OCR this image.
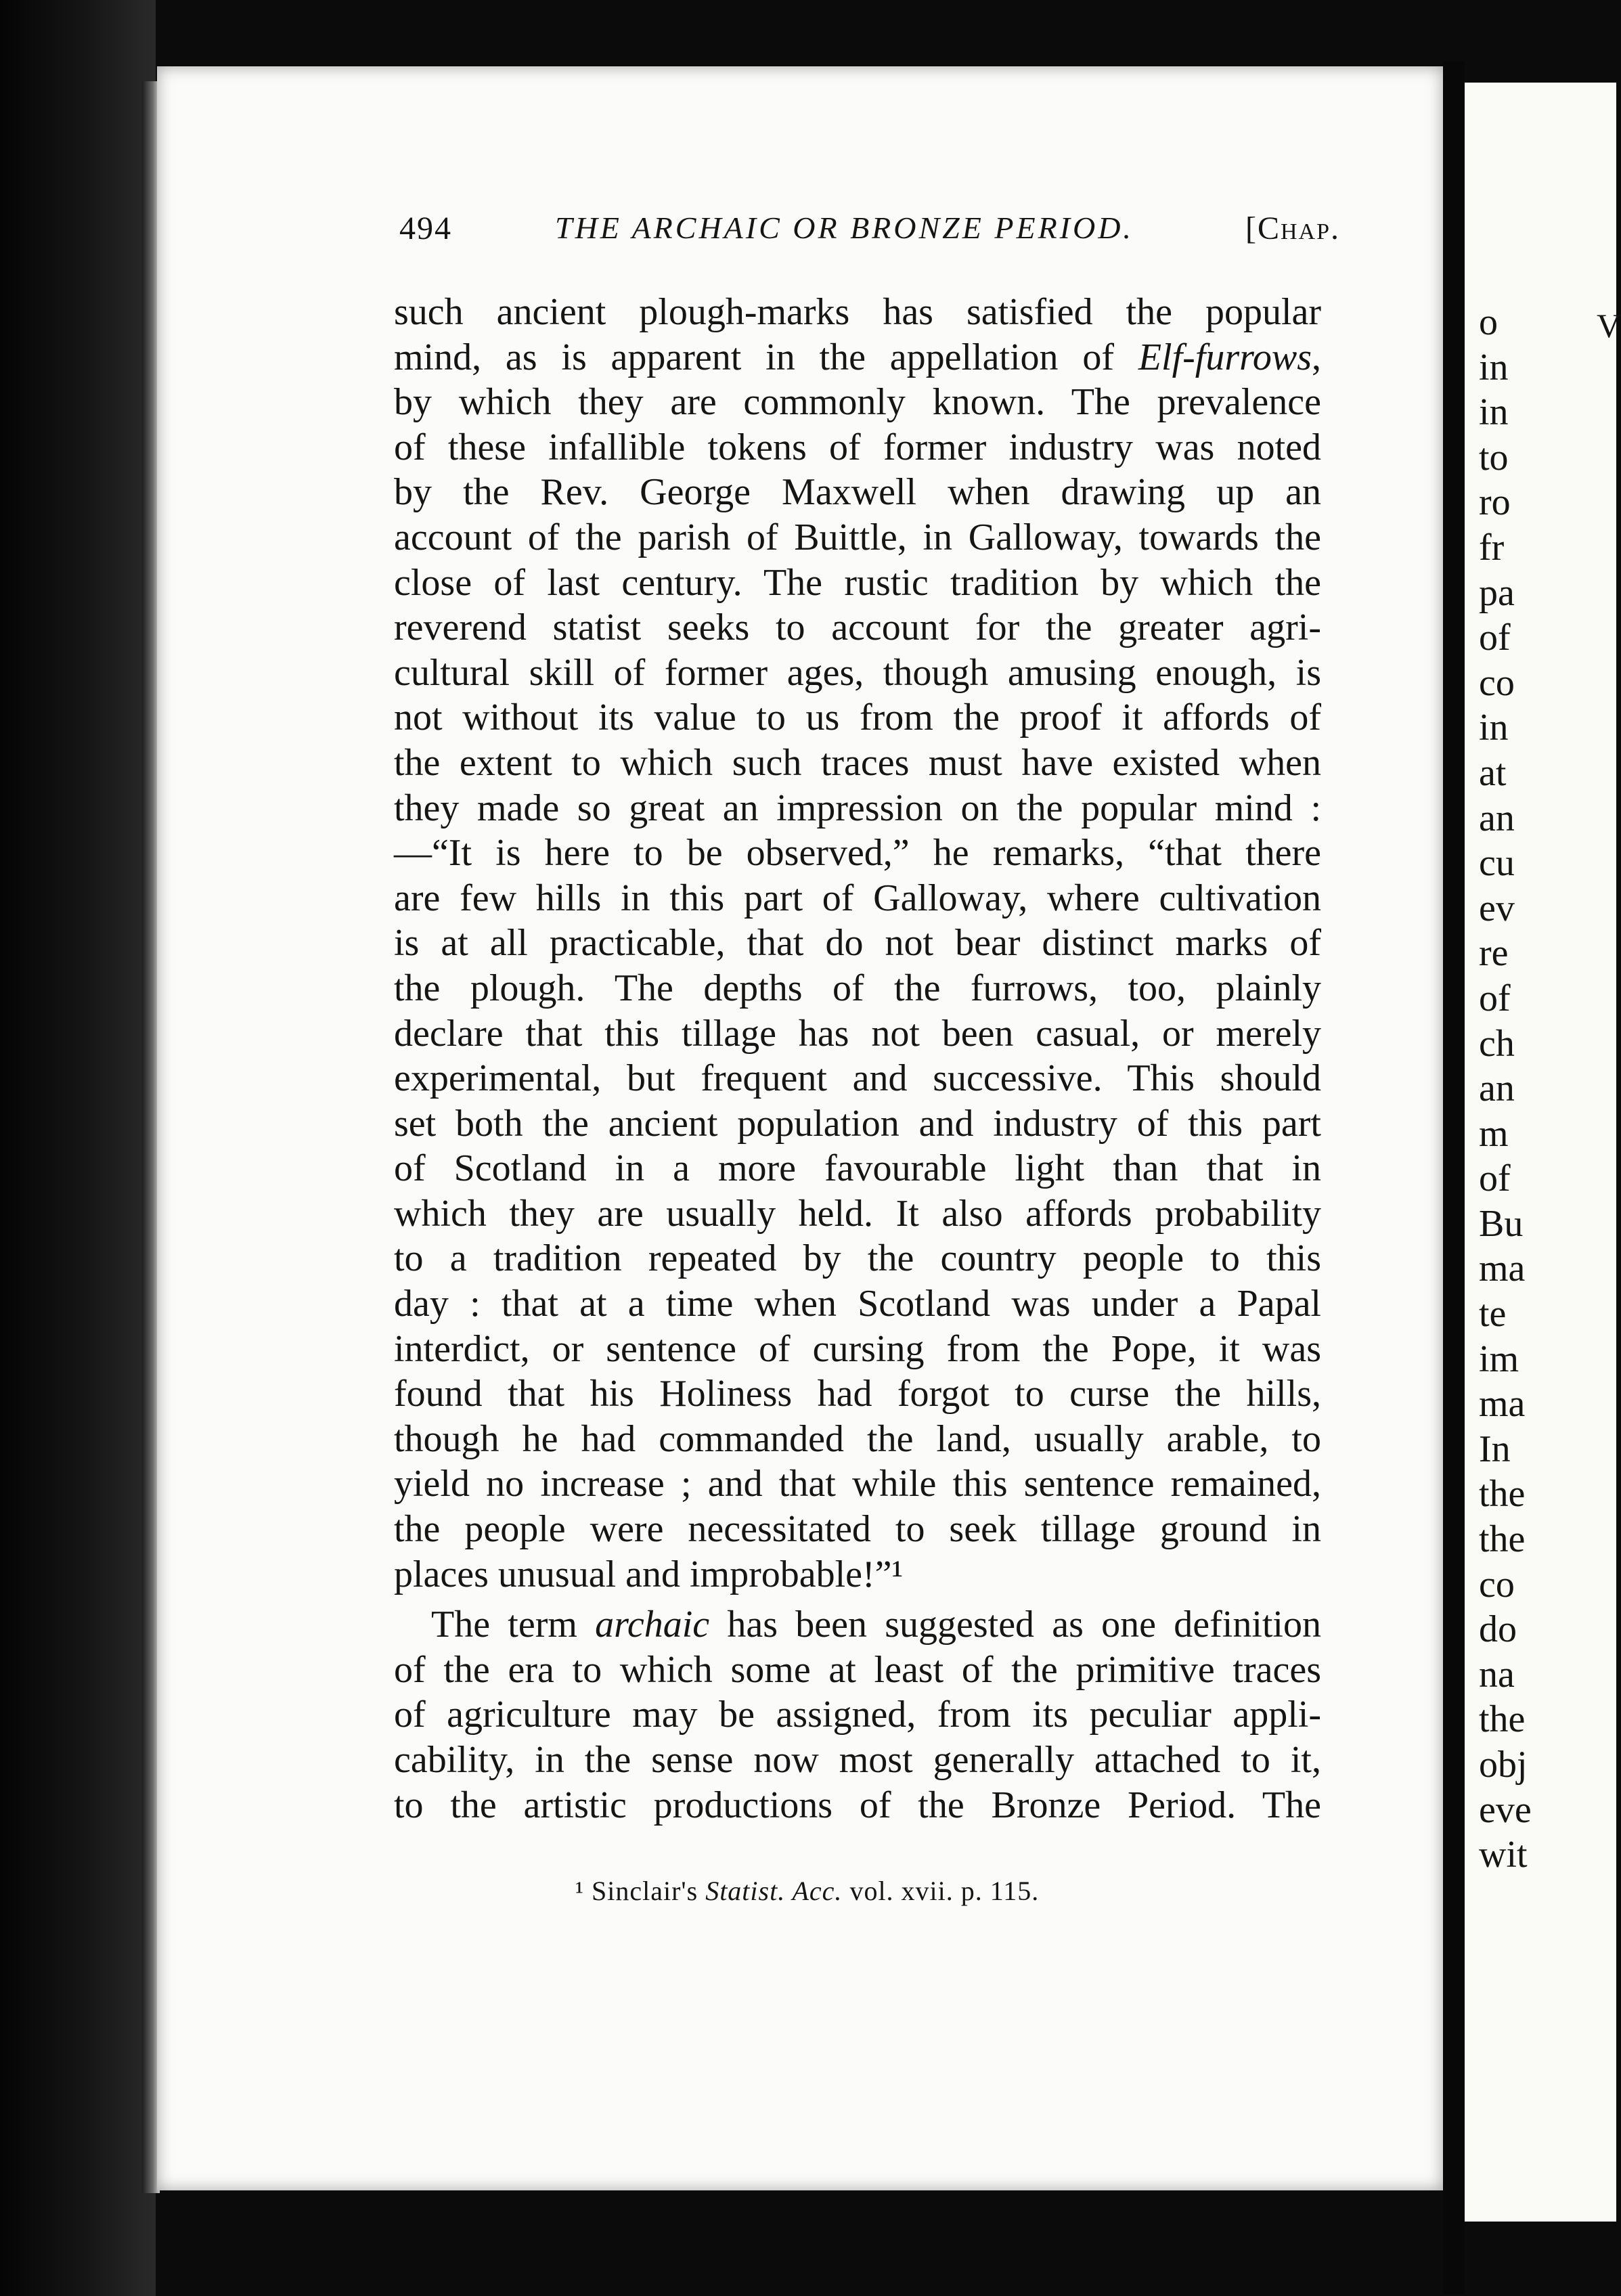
494	THE ARCHAIC OR BRONZE PERIOD.	[Chap.
such ancient plough-marks has satisfied the popular
mind, as is apparent in the appellation of Elf-furrows,
by which they are commonly known. The prevalence
of these infallible tokens of former industry was noted
by the Rev. George Maxwell when drawing up an
account of the parish of Buittle, in Galloway, towards the
close of last century. The rustic tradition by which the
reverend statist seeks to account for the greater agri-
cultural skill of former ages, though amusing enough, is
not without its value to us from the proof it affords of
the extent to which such traces must have existed when
they made so great an impression on the popular mind :
—“It is here to be observed,” he remarks, “that there
are few hills in this part of Galloway, where cultivation
is at all practicable, that do not bear distinct marks of
the plough. The depths of the furrows, too, plainly
declare that this tillage has not been casual, or merely
experimental, but frequent and successive. This should
set both the ancient population and industry of this part
of Scotland in a more favourable light than that in
which they are usually held. It also affords probability
to a tradition repeated by the country people to this
day : that at a time when Scotland was under a Papal
interdict, or sentence of cursing from the Pope, it was
found that his Holiness had forgot to curse the hills,
though he had commanded the land, usually arable, to
yield no increase ; and that while this sentence remained,
the people were necessitated to seek tillage ground in
places unusual and improbable!”¹
The term archaic has been suggested as one definition
of the era to which some at least of the primitive traces
of agriculture may be assigned, from its peculiar appli-
cability, in the sense now most generally attached to it,
to the artistic productions of the Bronze Period. The
¹ Sinclair's Statist. Acc. vol. xvii. p. 115.
V
o
in
in
to
ro
fr
pa
of
co
in
at
an
cu
ev
re
of
ch
an
m
of
Bu
ma
te
im
ma
In
the
the
co
do
na
the
obj
eve
wit
